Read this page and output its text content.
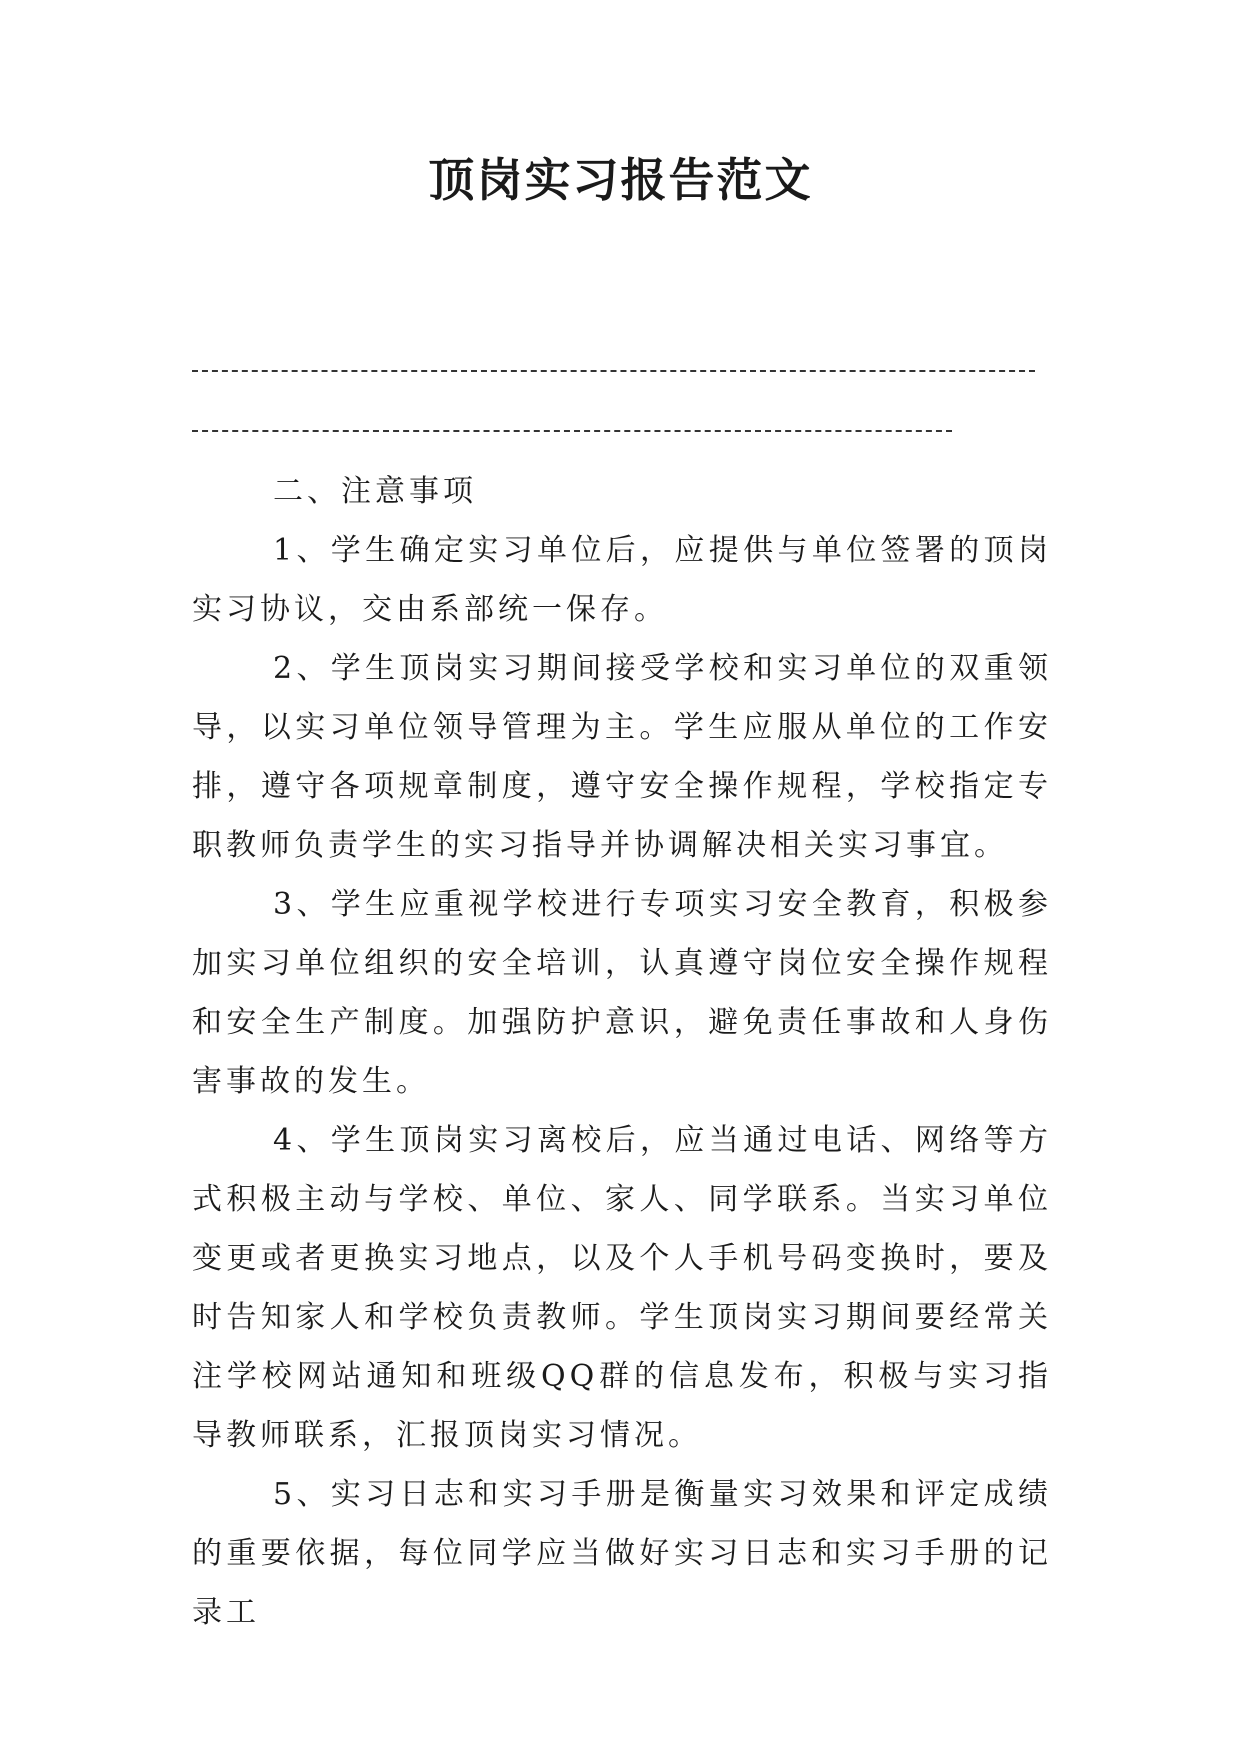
顶岗实习报告范文
二、注意事项

1、学生确定实习单位后，应提供与单位签署的顶岗实习协议，交由系部统一保存。

2、学生顶岗实习期间接受学校和实习单位的双重领导，以实习单位领导管理为主。学生应服从单位的工作安排，遵守各项规章制度，遵守安全操作规程，学校指定专职教师负责学生的实习指导并协调解决相关实习事宜。

3、学生应重视学校进行专项实习安全教育，积极参加实习单位组织的安全培训，认真遵守岗位安全操作规程和安全生产制度。加强防护意识，避免责任事故和人身伤害事故的发生。

4、学生顶岗实习离校后，应当通过电话、网络等方式积极主动与学校、单位、家人、同学联系。当实习单位变更或者更换实习地点，以及个人手机号码变换时，要及时告知家人和学校负责教师。学生顶岗实习期间要经常关注学校网站通知和班级QQ群的信息发布，积极与实习指导教师联系，汇报顶岗实习情况。

5、实习日志和实习手册是衡量实习效果和评定成绩的重要依据，每位同学应当做好实习日志和实习手册的记录工
